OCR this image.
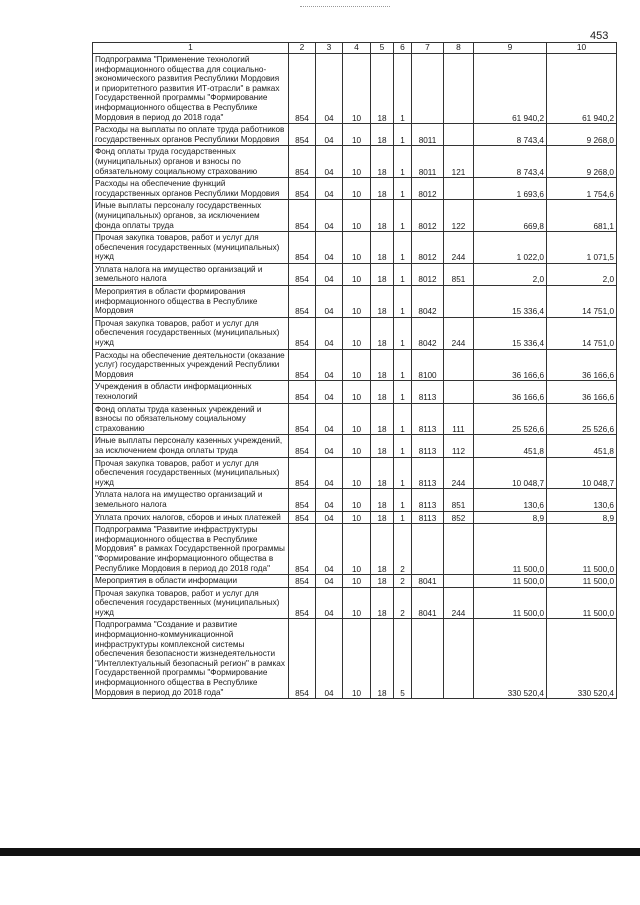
453
1	2	3	4	5	6	7	8	9	10
Подпрограмма "Применение технологий информационного общества для социально-экономического развития Республики Мордовия и приоритетного развития ИТ-отрасли" в рамках Государственной программы "Формирование информационного общества в Республике Мордовия в период до 2018 года"	854	04	10	18	1			61 940,2	61 940,2
Расходы на выплаты по оплате труда работников государственных органов Республики Мордовия	854	04	10	18	1	8011		8 743,4	9 268,0
Фонд оплаты труда государственных (муниципальных) органов и взносы по обязательному социальному страхованию	854	04	10	18	1	8011	121	8 743,4	9 268,0
Расходы на обеспечение функций государственных органов Республики Мордовия	854	04	10	18	1	8012		1 693,6	1 754,6
Иные выплаты персоналу государственных (муниципальных) органов, за исключением фонда оплаты труда	854	04	10	18	1	8012	122	669,8	681,1
Прочая закупка товаров, работ и услуг для обеспечения государственных (муниципальных) нужд	854	04	10	18	1	8012	244	1 022,0	1 071,5
Уплата налога на имущество организаций и земельного налога	854	04	10	18	1	8012	851	2,0	2,0
Мероприятия в области формирования информационного общества в Республике Мордовия	854	04	10	18	1	8042		15 336,4	14 751,0
Прочая закупка товаров, работ и услуг для обеспечения государственных (муниципальных) нужд	854	04	10	18	1	8042	244	15 336,4	14 751,0
Расходы на обеспечение деятельности (оказание услуг) государственных учреждений Республики Мордовия	854	04	10	18	1	8100		36 166,6	36 166,6
Учреждения в области информационных технологий	854	04	10	18	1	8113		36 166,6	36 166,6
Фонд оплаты труда казенных учреждений и взносы по обязательному социальному страхованию	854	04	10	18	1	8113	111	25 526,6	25 526,6
Иные выплаты персоналу казенных учреждений, за исключением фонда оплаты труда	854	04	10	18	1	8113	112	451,8	451,8
Прочая закупка товаров, работ и услуг для обеспечения государственных (муниципальных) нужд	854	04	10	18	1	8113	244	10 048,7	10 048,7
Уплата налога на имущество организаций и земельного налога	854	04	10	18	1	8113	851	130,6	130,6
Уплата прочих налогов, сборов и иных платежей	854	04	10	18	1	8113	852	8,9	8,9
Подпрограмма "Развитие инфраструктуры информационного общества в Республике Мордовия" в рамках Государственной программы "Формирование информационного общества в Республике Мордовия в период до 2018 года"	854	04	10	18	2			11 500,0	11 500,0
Мероприятия в области информации	854	04	10	18	2	8041		11 500,0	11 500,0
Прочая закупка товаров, работ и услуг для обеспечения государственных (муниципальных) нужд	854	04	10	18	2	8041	244	11 500,0	11 500,0
Подпрограмма "Создание и развитие информационно-коммуникационной инфраструктуры комплексной системы обеспечения безопасности жизнедеятельности "Интеллектуальный безопасный регион" в рамках Государственной программы "Формирование информационного общества в Республике Мордовия в период до 2018 года"	854	04	10	18	5			330 520,4	330 520,4
